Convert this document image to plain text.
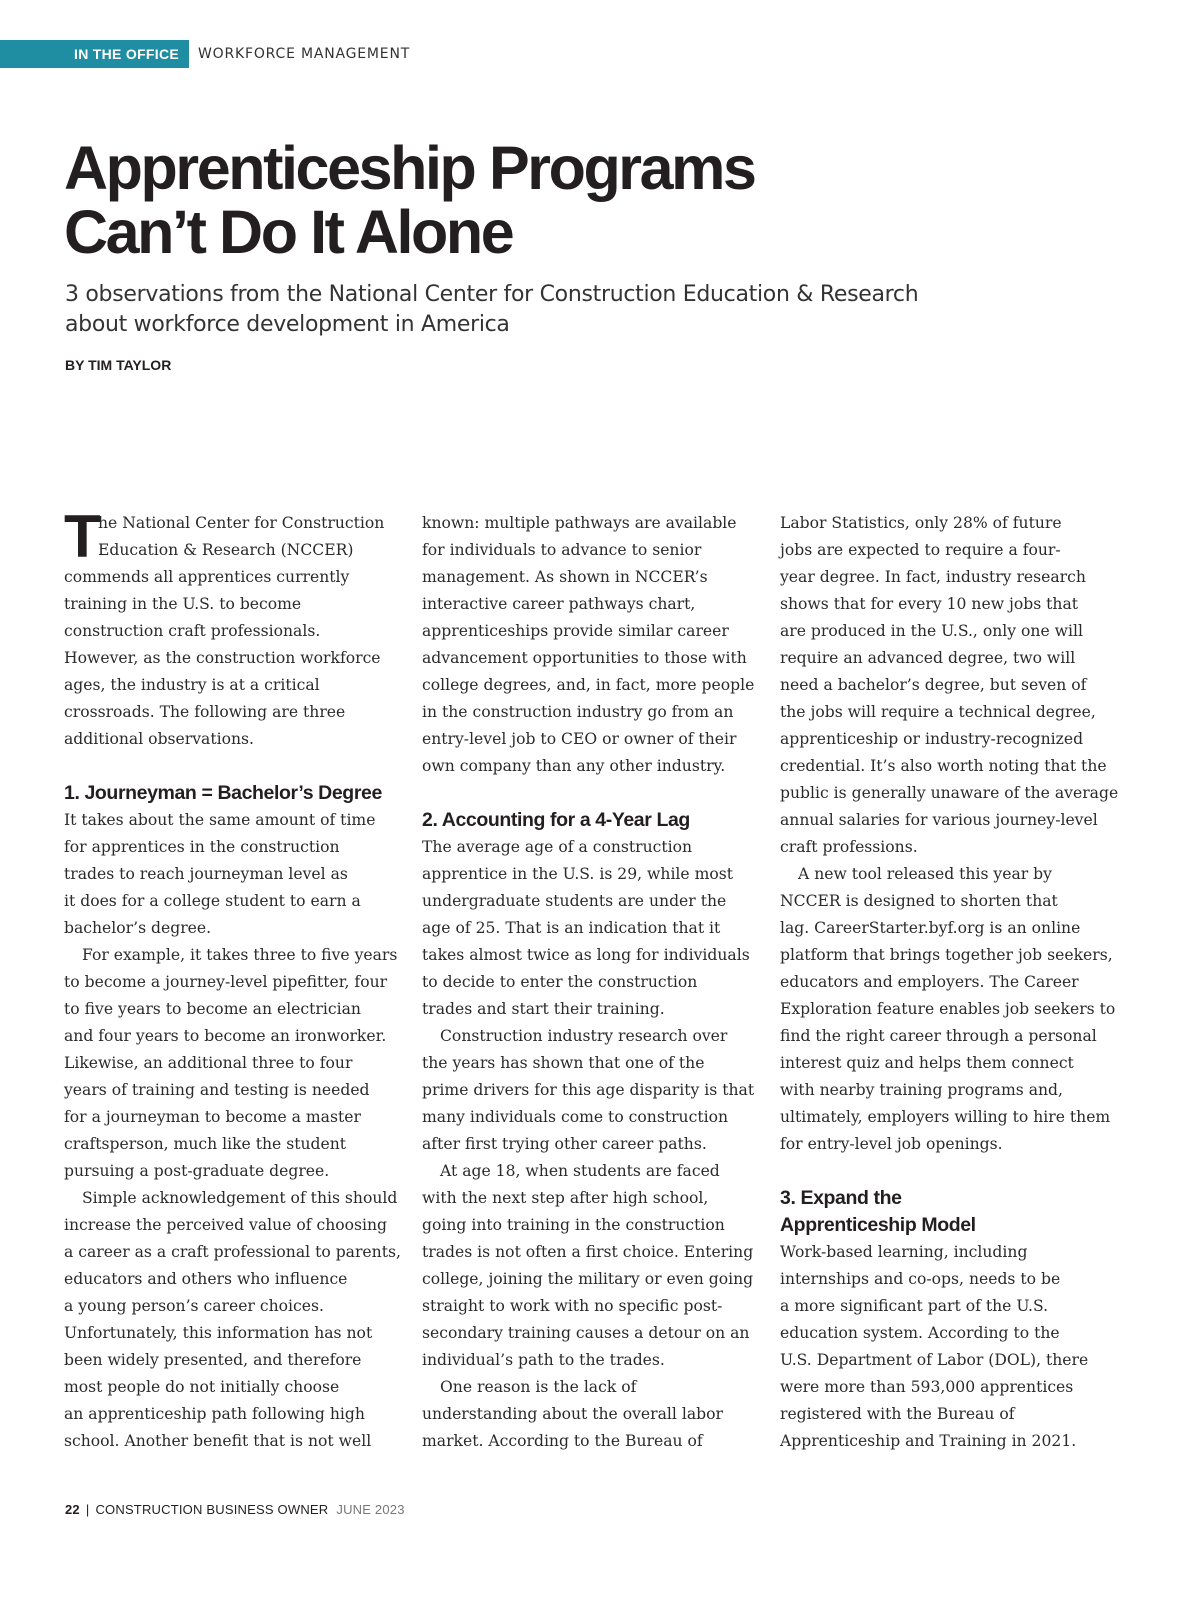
IN THE OFFICE	WORKFORCE MANAGEMENT
Apprenticeship Programs
Can’t Do It Alone

3 observations from the National Center for Construction Education & Research
about workforce development in America

BY TIM TAYLOR
T
he National Center for Construction
Education & Research (NCCER)
commends all apprentices currently
training in the U.S. to become
construction craft professionals.
However, as the construction workforce
ages, the industry is at a critical
crossroads. The following are three
additional observations.
1. Journeyman = Bachelor’s Degree
It takes about the same amount of time
for apprentices in the construction
trades to reach journeyman level as
it does for a college student to earn a
bachelor’s degree.
For example, it takes three to five years
to become a journey-level pipefitter, four
to five years to become an electrician
and four years to become an ironworker.
Likewise, an additional three to four
years of training and testing is needed
for a journeyman to become a master
craftsperson, much like the student
pursuing a post-graduate degree.
Simple acknowledgement of this should
increase the perceived value of choosing
a career as a craft professional to parents,
educators and others who influence
a young person’s career choices.
Unfortunately, this information has not
been widely presented, and therefore
most people do not initially choose
an apprenticeship path following high
school. Another benefit that is not well
known: multiple pathways are available
for individuals to advance to senior
management. As shown in NCCER’s
interactive career pathways chart,
apprenticeships provide similar career
advancement opportunities to those with
college degrees, and, in fact, more people
in the construction industry go from an
entry-level job to CEO or owner of their
own company than any other industry.
2. Accounting for a 4-Year Lag
The average age of a construction
apprentice in the U.S. is 29, while most
undergraduate students are under the
age of 25. That is an indication that it
takes almost twice as long for individuals
to decide to enter the construction
trades and start their training.
Construction industry research over
the years has shown that one of the
prime drivers for this age disparity is that
many individuals come to construction
after first trying other career paths.
At age 18, when students are faced
with the next step after high school,
going into training in the construction
trades is not often a first choice. Entering
college, joining the military or even going
straight to work with no specific post-
secondary training causes a detour on an
individual’s path to the trades.
One reason is the lack of
understanding about the overall labor
market. According to the Bureau of
Labor Statistics, only 28% of future
jobs are expected to require a four-
year degree. In fact, industry research
shows that for every 10 new jobs that
are produced in the U.S., only one will
require an advanced degree, two will
need a bachelor’s degree, but seven of
the jobs will require a technical degree,
apprenticeship or industry-recognized
credential. It’s also worth noting that the
public is generally unaware of the average
annual salaries for various journey-level
craft professions.
A new tool released this year by
NCCER is designed to shorten that
lag. CareerStarter.byf.org is an online
platform that brings together job seekers,
educators and employers. The Career
Exploration feature enables job seekers to
find the right career through a personal
interest quiz and helps them connect
with nearby training programs and,
ultimately, employers willing to hire them
for entry-level job openings.
3. Expand the
Apprenticeship Model
Work-based learning, including
internships and co-ops, needs to be
a more significant part of the U.S.
education system. According to the
U.S. Department of Labor (DOL), there
were more than 593,000 apprentices
registered with the Bureau of
Apprenticeship and Training in 2021.
22 | CONSTRUCTION BUSINESS OWNER JUNE 2023
